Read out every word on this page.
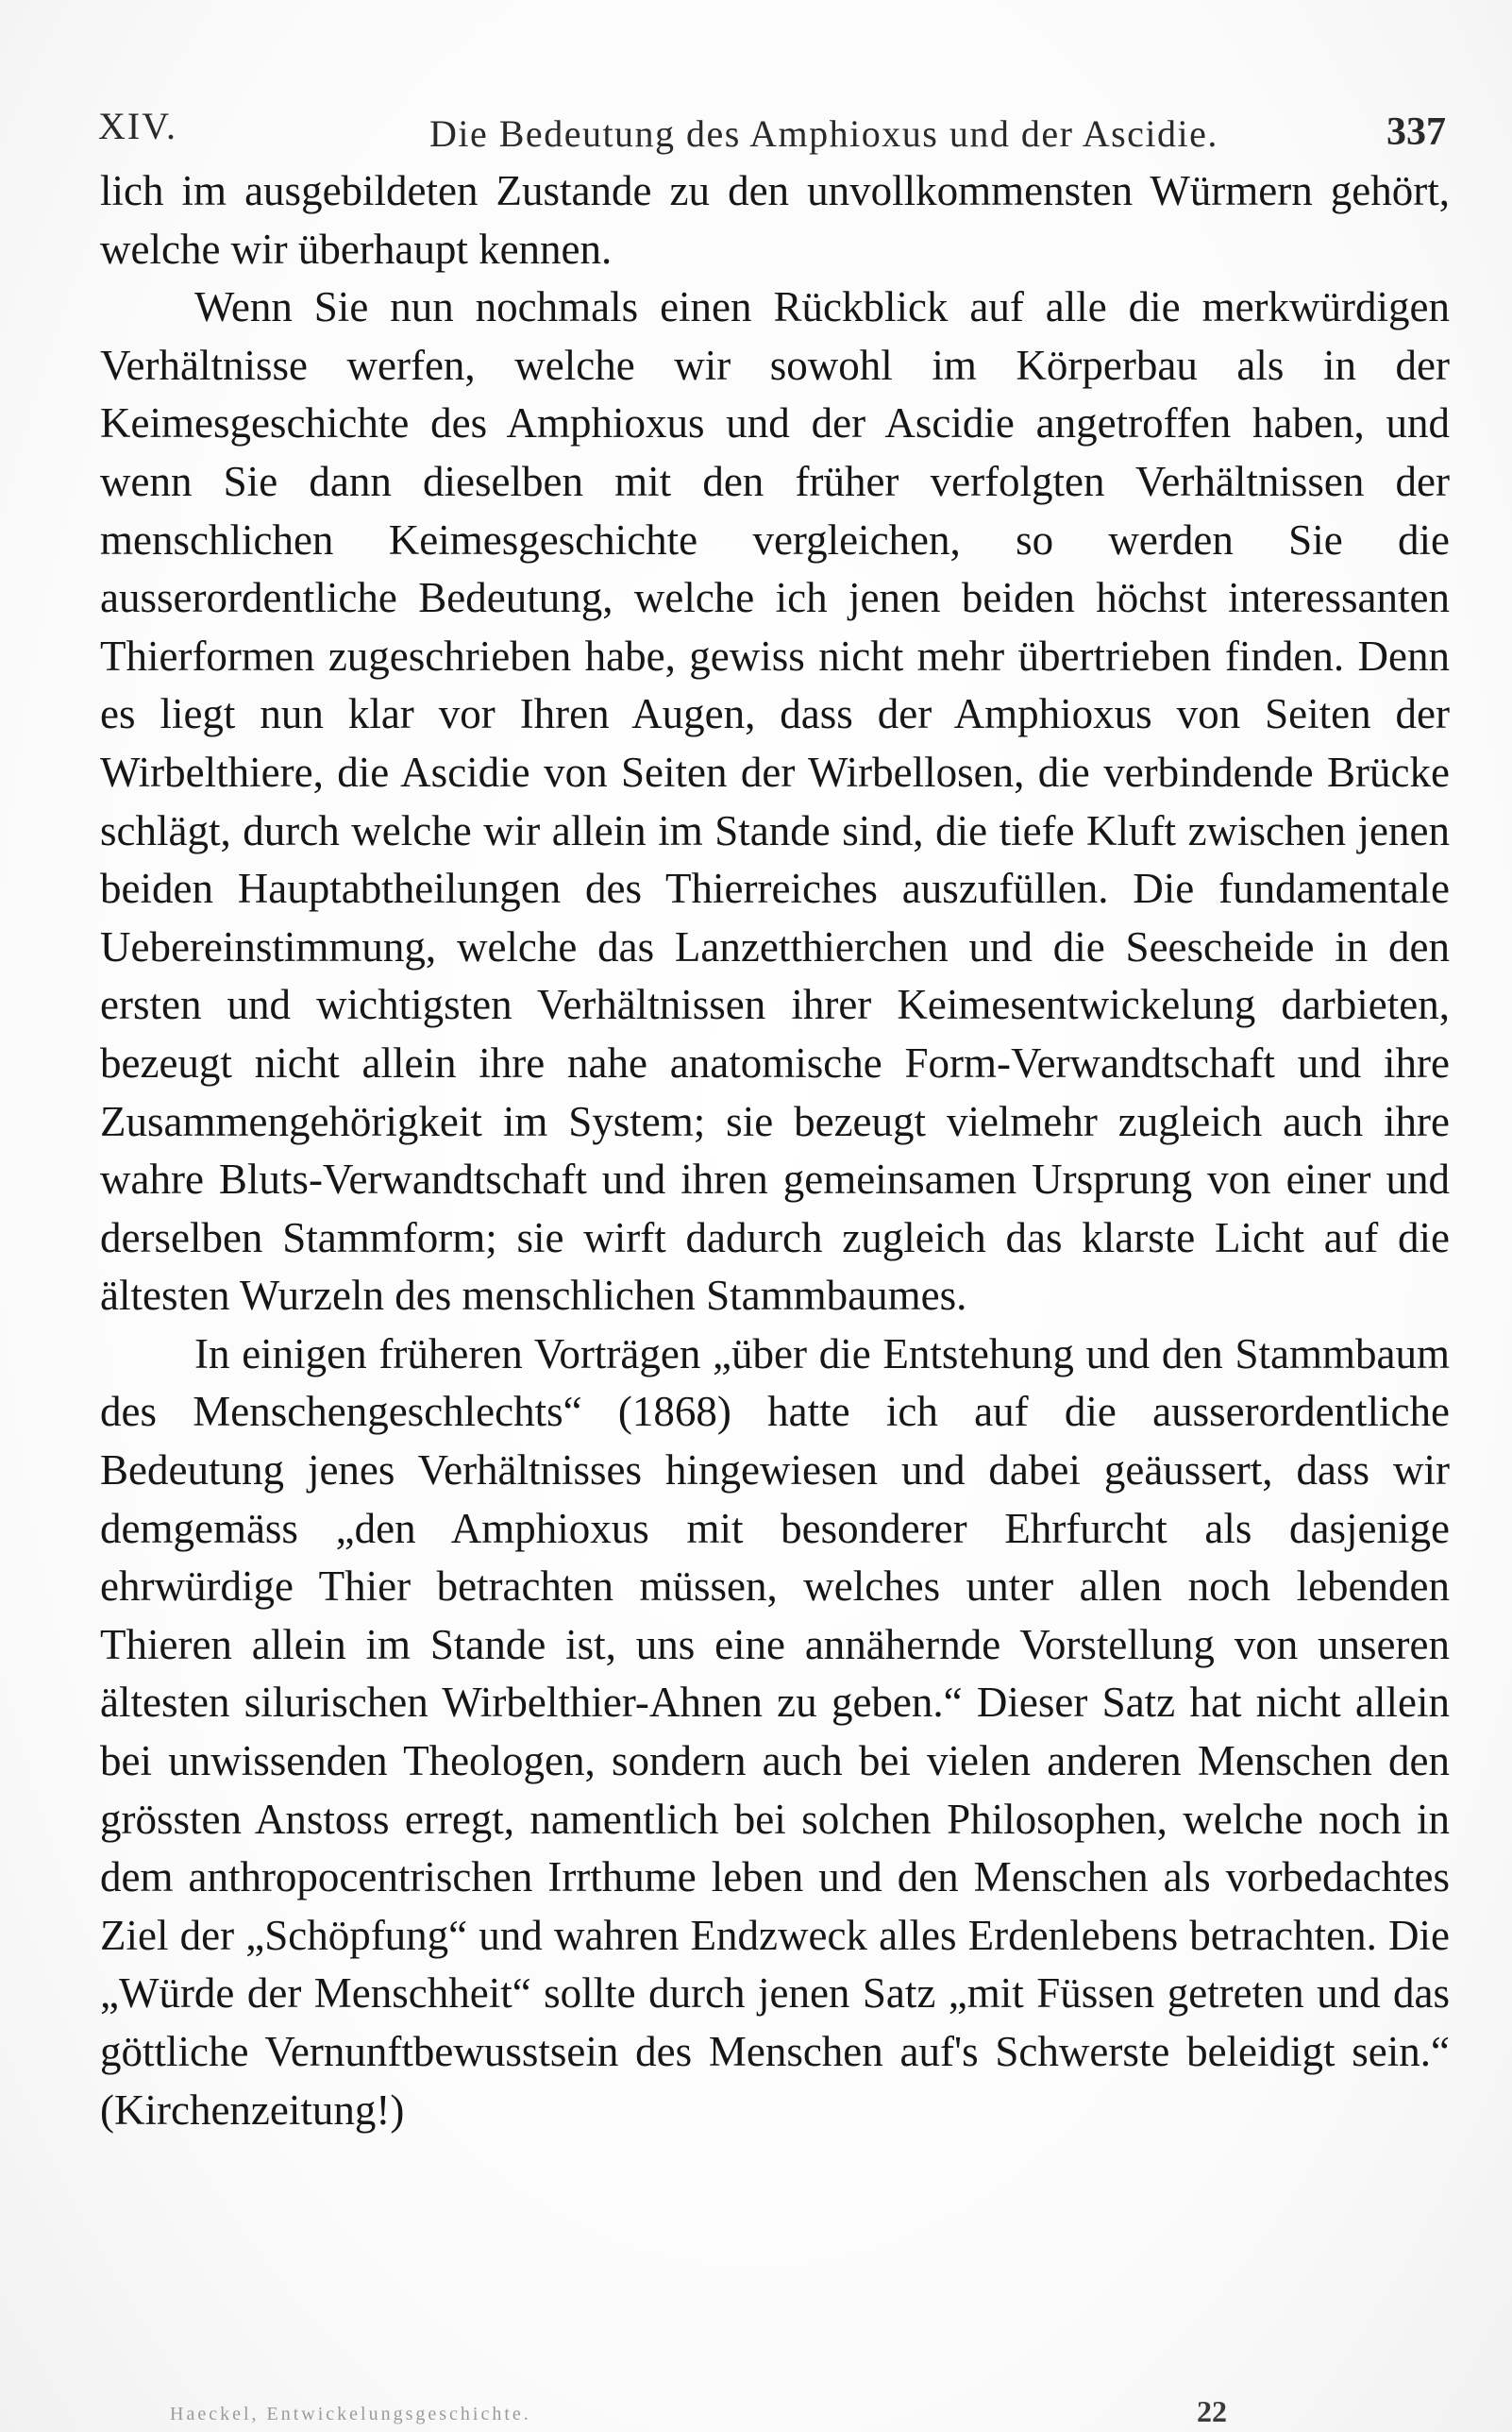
XIV.	Die Bedeutung des Amphioxus und der Ascidie.	337

lich im ausgebildeten Zustande zu den unvollkommensten Würmern gehört, welche wir überhaupt kennen.

Wenn Sie nun nochmals einen Rückblick auf alle die merkwürdigen Verhältnisse werfen, welche wir sowohl im Körperbau als in der Keimesgeschichte des Amphioxus und der Ascidie angetroffen haben, und wenn Sie dann dieselben mit den früher verfolgten Verhältnissen der menschlichen Keimesgeschichte vergleichen, so werden Sie die ausserordentliche Bedeutung, welche ich jenen beiden höchst interessanten Thierformen zugeschrieben habe, gewiss nicht mehr übertrieben finden. Denn es liegt nun klar vor Ihren Augen, dass der Amphioxus von Seiten der Wirbelthiere, die Ascidie von Seiten der Wirbellosen, die verbindende Brücke schlägt, durch welche wir allein im Stande sind, die tiefe Kluft zwischen jenen beiden Hauptabtheilungen des Thierreiches auszufüllen. Die fundamentale Uebereinstimmung, welche das Lanzetthierchen und die Seescheide in den ersten und wichtigsten Verhältnissen ihrer Keimesentwickelung darbieten, bezeugt nicht allein ihre nahe anatomische Form-Verwandtschaft und ihre Zusammengehörigkeit im System; sie bezeugt vielmehr zugleich auch ihre wahre Bluts-Verwandtschaft und ihren gemeinsamen Ursprung von einer und derselben Stammform; sie wirft dadurch zugleich das klarste Licht auf die ältesten Wurzeln des menschlichen Stammbaumes.

In einigen früheren Vorträgen „über die Entstehung und den Stammbaum des Menschengeschlechts“ (1868) hatte ich auf die ausserordentliche Bedeutung jenes Verhältnisses hingewiesen und dabei geäussert, dass wir demgemäss „den Amphioxus mit besonderer Ehrfurcht als dasjenige ehrwürdige Thier betrachten müssen, welches unter allen noch lebenden Thieren allein im Stande ist, uns eine annähernde Vorstellung von unseren ältesten silurischen Wirbelthier-Ahnen zu geben.“ Dieser Satz hat nicht allein bei unwissenden Theologen, sondern auch bei vielen anderen Menschen den grössten Anstoss erregt, namentlich bei solchen Philosophen, welche noch in dem anthropocentrischen Irrthume leben und den Menschen als vorbedachtes Ziel der „Schöpfung“ und wahren Endzweck alles Erdenlebens betrachten. Die „Würde der Menschheit“ sollte durch jenen Satz „mit Füssen getreten und das göttliche Vernunftbewusstsein des Menschen auf's Schwerste beleidigt sein.“ (Kirchenzeitung!)

Haeckel, Entwickelungsgeschichte.	22
